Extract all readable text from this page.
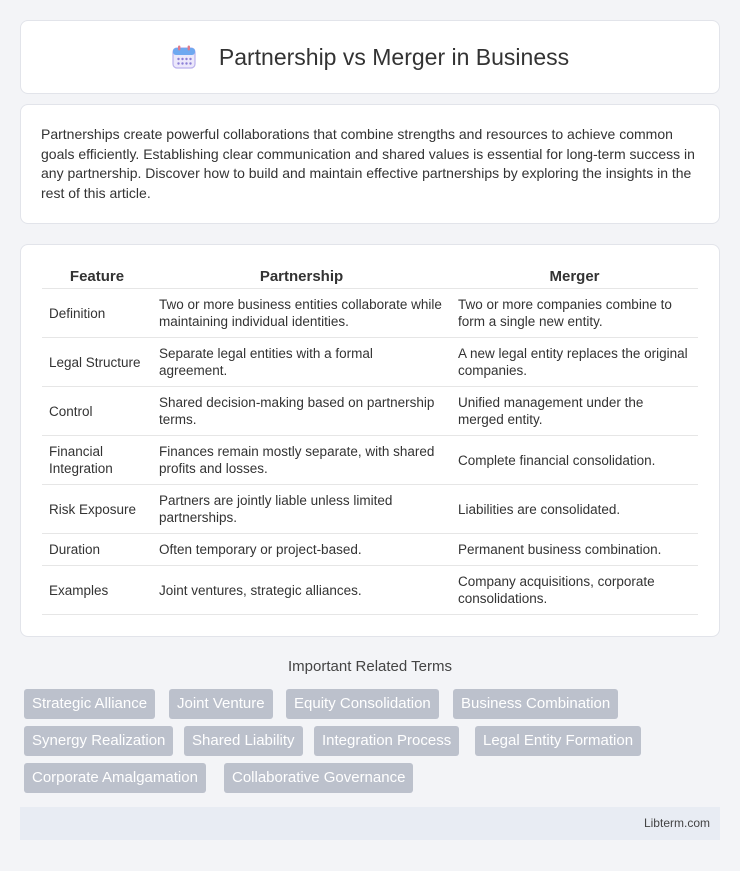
Partnership vs Merger in Business

Partnerships create powerful collaborations that combine strengths and resources to achieve common goals efficiently. Establishing clear communication and shared values is essential for long-term success in any partnership. Discover how to build and maintain effective partnerships by exploring the insights in the rest of this article.

Feature	Partnership	Merger
Definition	Two or more business entities collaborate while maintaining individual identities.	Two or more companies combine to form a single new entity.
Legal Structure	Separate legal entities with a formal agreement.	A new legal entity replaces the original companies.
Control	Shared decision-making based on partnership terms.	Unified management under the merged entity.
Financial Integration	Finances remain mostly separate, with shared profits and losses.	Complete financial consolidation.
Risk Exposure	Partners are jointly liable unless limited partnerships.	Liabilities are consolidated.
Duration	Often temporary or project-based.	Permanent business combination.
Examples	Joint ventures, strategic alliances.	Company acquisitions, corporate consolidations.
Important Related Terms
Strategic Alliance	Joint Venture	Equity Consolidation	Business Combination
Synergy Realization	Shared Liability	Integration Process	Legal Entity Formation
Corporate Amalgamation	Collaborative Governance
Libterm.com
